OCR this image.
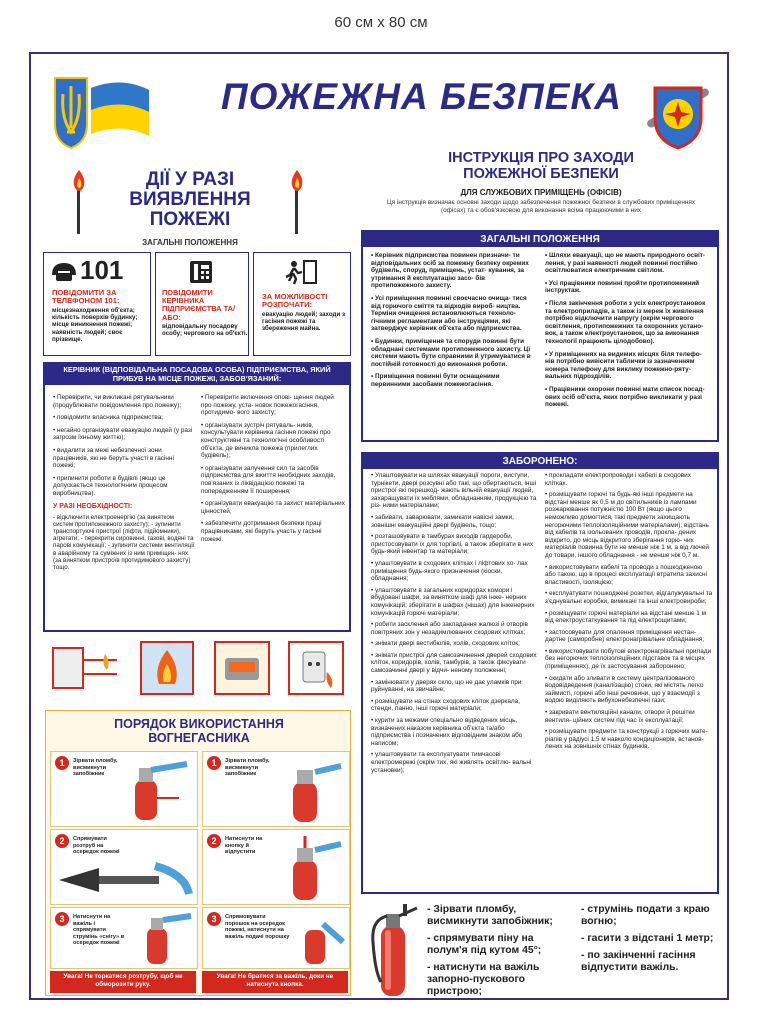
60 см x 80 см
ПОЖЕЖНА БЕЗПЕКА
ДІЇ У РАЗІ ВИЯВЛЕННЯ ПОЖЕЖІ
ЗАГАЛЬНІ ПОЛОЖЕННЯ
101
ПОВІДОМИТИ ЗА ТЕЛЕФОНОМ 101:
місцезнаходження об'єкта; кількість поверхів будинку; місце виникнення пожежі; наявність людей; своє прізвище.
ПОВІДОМИТИ КЕРІВНИКА ПІДПРИЄМСТВА ТА/АБО:
відповідальну посадову особу; чергового на об'єкті.
ЗА МОЖЛИВОСТІ РОЗПОЧАТИ:
евакуацію людей; заходи з гасіння пожежі та збереження майна.
КЕРІВНИК (ВІДПОВІДАЛЬНА ПОСАДОВА ОСОБА) ПІДПРИЄМСТВА, ЯКИЙ ПРИБУВ НА МІСЦЕ ПОЖЕЖІ, ЗАБОВ'ЯЗАНИЙ:
• Перевірити, чи викликані рятувальники (продублювати повідомлення про пожежу);
• повідомити власника підприємства;
• негайно організувати евакуацію людей (у разі загрозм їхньому життю);
• видалити за межі небезпечної зони працівників, які не беруть участі в гасінні пожежі;
• припинити роботи в будівлі (якщо це допускається технологічним процесом виробництва).
У РАЗІ НЕОБХІДНОСТІ:
- відключити електроенергію (за винятком систем протипожежного захисту); - зупинити транспортуючі пристрої (ліфти, підйомники), агрегати; - перекрити сировинні, газові, водяні та парові комунікації; - зупинити системи вентиляції в аварійному та суміжних із ним приміщен- нях (за винятком пристроїв протидимового захисту) тощо.
• Перевірити включення опові- щення людей про пожежу, уста- новок пожежогасіння, протидимо- вого захисту;
• організувати зустріч рятуваль- ників, консультувати керівника гасіння пожежі про конструктивні та технологічні особливості об'єкта, де виникла пожежа (прилеглих будівель);
• організувати залучення сил та засобів підприємства для вжиття необхідних заходів, пов'язаних із ліквідацією пожежі та попередженням її поширення;
• організувати евакуацію та захист матеріальних цінностей;
• забезпечити дотримання безпеки праці працівниками, які беруть участь у гасінні пожежі.
ПОРЯДОК ВИКОРИСТАННЯ
ВОГНЕГАСНИКА
1	Зірвати пломбу, висмикнути запобіжник
2	Спрямувати розтруб на осередок пожежі
3	Натиснути на важіль і спрямувати струмінь «снігу» в осередок пожежі
Увага! Не торкатися розтрубу, щоб не обморозити руку.
1	Зірвати пломбу, висмикнути запобіжник
2	Натиснути на кнопку й відпустити
3	Спрямовувати порошок на осередок пожежі, натиснути на важіль подачі порошку
Увага! Не братися за важіль, доки не натиснута кнопка.
ІНСТРУКЦІЯ ПРО ЗАХОДИ
ПОЖЕЖНОЇ БЕЗПЕКИ
ДЛЯ СЛУЖБОВИХ ПРИМІЩЕНЬ (ОФІСІВ)
Ця інструкція визначає основні заходи щодо забезпечення пожежної безпеки в службових приміщеннях (офісах) та є обов'язковою для виконання всіма працюючими в них
ЗАГАЛЬНІ ПОЛОЖЕННЯ
• Керівник підприємства повинен призначи- ти відповідальних осіб за пожежну безпеку окремих будівель, споруд, приміщень, устат- кування, за утримання й експлуатацію засо- бів протипожежного захисту.
• Усі приміщення повинні своєчасно очища- тися від горючого сміття та відходів вироб- ництва. Терміни очищення встановлюються техноло- гічними регламентами або інструкціями, які затверджує керівник об'єкта або підприємства.
• Будинки, приміщення та споруди повинні бути обладнані системами протипожежного захисту. Ці системи мають бути справними й утримуватися в постійній готовності до виконання роботи.
• Приміщення повинні бути оснащеними первинними засобами пожежогасіння.
• Шляхи евакуації, що не мають природного освіт- лення, у разі наявності людей повинні постійно освітлюватися електричним світлом.
• Усі працівники повинні пройти протипожежний інструктаж.
• Після закінчення роботи з усіх електроустановок та електроприладів, а також із мереж їх живлення потрібно відключити напругу (окрім чергового освітлення, протипожежних та охоронних устано- вок, а також електроустановок, що за виконання технології працюють цілодобово).
• У приміщеннях на видимих місцях біля телефо- нів потрібно вивісити таблички із зазначенням номера телефону для виклику пожежно-ряту- вальних підрозділів.
• Працівники охорони повинні мати список посад- ових осіб об'єкта, яких потрібно викликати у разі пожежі.
ЗАБОРОНЕНО:
• Улаштовувати на шляхах евакуації пороги, виступи, турнікети, двері розсувні або такі, що обертаються, інші пристрої які перешкод- жають вільній евакуації людей, захаращувати їх меблями, обладнанням, продукцією та різ- ними матеріалами;
• забивати, заварювати, замикати навісні замки, зовнішні евакуаційні двері будівель, тощо;
• розташовувати в тамбурах виходів гардероби, пристосовувати їх для торгівлі, а також зберігати в них будь-який інвентар та матеріали;
• улаштовувати в сходових клітках і ліфтових хо- лах приміщення будь-якого призначення (кіоски, обладнання;
• улаштовувати в загальних коридорах комори і вбудовані шафи, за винятком шаф для інже- нерних комунікацій; зберігати в шафах (нішах) для інженерних комунікацій горючі матеріали;
• робити засклення або закладання жалюзі й отворів повітряних зон у незадимлюваних сходових клітках;
• знімати двері вестибюлів, холів, сходових кліток;
• знімати пристрої для самозачинення дверей сходових кліток, коридорів, холів, тамбурів, а також фіксувати самозачинні двері у відчи- неному положенні;
• замінювати у дверях скло, що не дає уламків при руйнуванні, на звичайне;
• розміщувати на стінах сходових кліток дзеркала, стенди, панно, інші горючі матеріали;
• курити за межами спеціально відведених місць, визначених наказом керівника об'єкта та/або підприємства і позначених відповідним знаком або написом;
• улаштовувати та експлуатувати тимчасові електромережі (окрім тих, які живлять освітлю- вальні установки);
• прокладати електропроводи і кабелі в сходових клітках.
• розміщувати горючі та будь-які інші предмети на відстані менше як 0,5 м до світильників із лампами розжарювання потужністю 100 Вт (якщо цього неможливо домогтися, такі предмети захищають негорючими теплоізоляційними матеріалами); відстань від кабелів та ізольованих проводів, прокла- дених відкрито, до місць відкритого зберігання горю- чих матеріалів повинна бути не менше ніж 1 м, а від лючей до товари, іншого обладнання - не менше ніж 0,7 м.
• використовувати кабелі та проводи з пошкодженою або такою, що в процесі експлуатації втратила захисні властивості, ізоляцією;
• експлуатувати пошкоджені розетки, відгалужувальні та з'єднувальні коробки, вимикачі та інші електровироби;
• розміщувати горючі матеріали на відстані менше 1 м від електроустаткування та під електрощитами;
• застосовувати для опалення приміщення нестан- дартне (саморобне) електронагрівальне обладнання;
• використовувати побутові електронагрівальні прилади без негорючих теплоізоляційних підставок та в місцях (приміщеннях), де їх застосування заборонено;
• скидати або зливати в систему централізованого водовідведення (каналізацію) стоки, які містять легко займисті, горючі або інші речовини, що у взаємодії з водою виділяють вибухонебезпечні гази;
• закривати вентиляційні канали, отвори й решітки вентиля- ційних систем під час їх експлуатації;
• розміщувати предмети та конструкції з горючих мате- ріалів у радіусі 1,5 м навколо кондиціонерів, встанов- лених на зовнішніх стінах будинків.
- Зірвати пломбу, висмикнути запобіжник;
- спрямувати піну на полум'я під кутом 45°;
- натиснути на важіль запорно-пускового пристрою;
- струмінь подати з краю вогню;
- гасити з відстані 1 метр;
- по закінченні гасіння відпустити важіль.
